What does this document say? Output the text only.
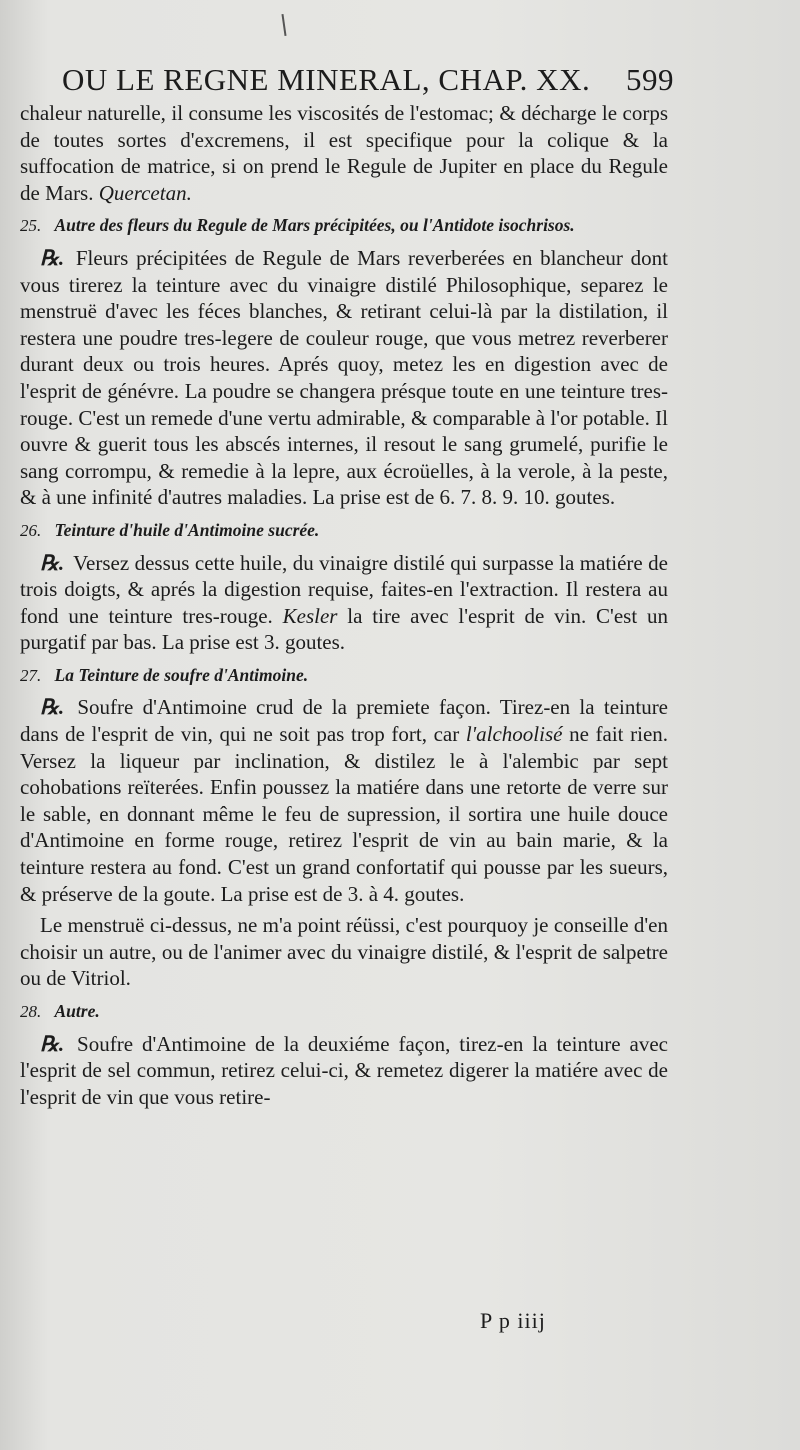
OU LE REGNE MINERAL, CHAP. XX. 599

chaleur naturelle, il consume les viscosités de l'estomac; & décharge le corps de toutes sortes d'excremens, il est specifique pour la colique & la suffocation de matrice, si on prend le Regule de Jupiter en place du Regule de Mars. Quercetan.

25. Autre des fleurs du Regule de Mars précipitées, ou l'Antidote isochrisos.

℞. Fleurs précipitées de Regule de Mars reverberées en blancheur dont vous tirerez la teinture avec du vinaigre distilé Philosophique, separez le menstruë d'avec les féces blanches, & retirant celui-là par la distilation, il restera une poudre tres-legere de couleur rouge, que vous metrez reverberer durant deux ou trois heures. Aprés quoy, metez les en digestion avec de l'esprit de génévre. La poudre se changera présque toute en une teinture tres-rouge. C'est un remede d'une vertu admirable, & comparable à l'or potable. Il ouvre & guerit tous les abscés internes, il resout le sang grumelé, purifie le sang corrompu, & remedie à la lepre, aux écroüelles, à la verole, à la peste, & à une infinité d'autres maladies. La prise est de 6. 7. 8. 9. 10. goutes.

26. Teinture d'huile d'Antimoine sucrée.

℞. Versez dessus cette huile, du vinaigre distilé qui surpasse la matiére de trois doigts, & aprés la digestion requise, faites-en l'extraction. Il restera au fond une teinture tres-rouge. Kesler la tire avec l'esprit de vin. C'est un purgatif par bas. La prise est 3. goutes.

27. La Teinture de soufre d'Antimoine.

℞. Soufre d'Antimoine crud de la premiete façon. Tirez-en la teinture dans de l'esprit de vin, qui ne soit pas trop fort, car l'alchoolisé ne fait rien. Versez la liqueur par inclination, & distilez le à l'alembic par sept cohobations reïterées. Enfin poussez la matiére dans une retorte de verre sur le sable, en donnant même le feu de supression, il sortira une huile douce d'Antimoine en forme rouge, retirez l'esprit de vin au bain marie, & la teinture restera au fond. C'est un grand confortatif qui pousse par les sueurs, & préserve de la goute. La prise est de 3. à 4. goutes.

Le menstruë ci-dessus, ne m'a point réüssi, c'est pourquoy je conseille d'en choisir un autre, ou de l'animer avec du vinaigre distilé, & l'esprit de salpetre ou de Vitriol.

28. Autre.

℞. Soufre d'Antimoine de la deuxiéme façon, tirez-en la teinture avec l'esprit de sel commun, retirez celui-ci, & remetez digerer la matiére avec de l'esprit de vin que vous retire-

P p iiij
